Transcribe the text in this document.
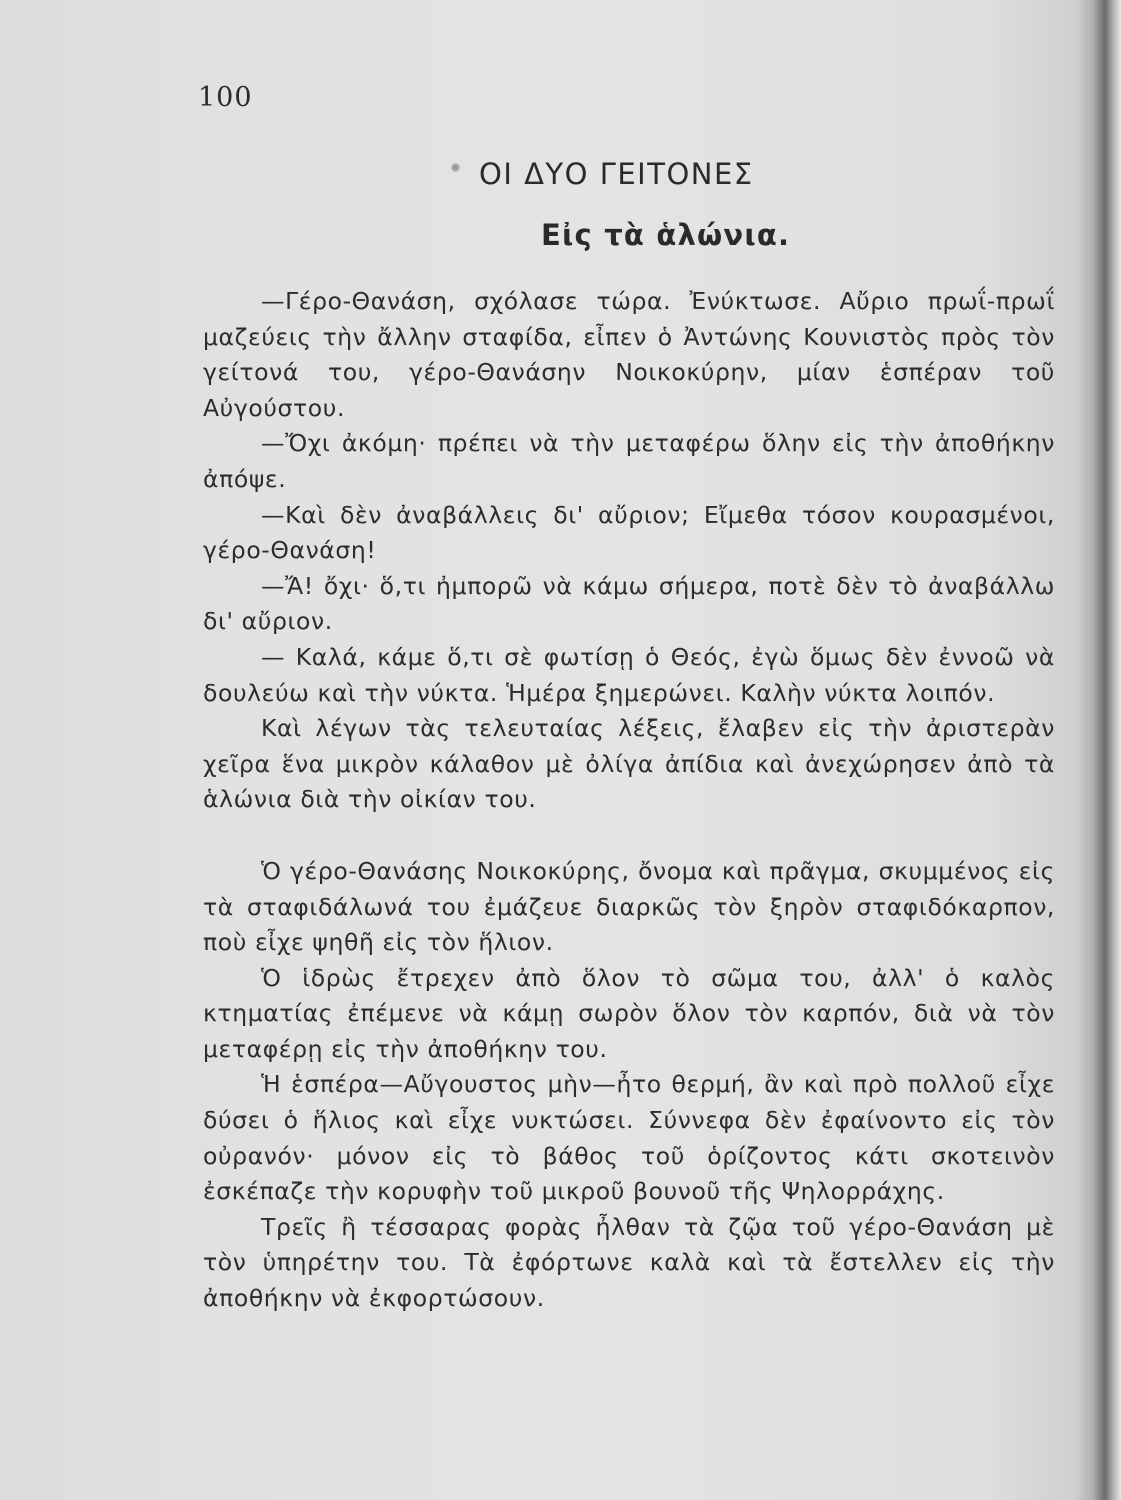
100
ΟΙ ΔΥΟ ΓΕΙΤΟΝΕΣ
Εἰς τὰ ἁλώνια.

—Γέρο-Θανάση, σχόλασε τώρα. Ἐνύκτωσε. Αὔριο πρωΐ-πρωΐ μαζεύεις τὴν ἄλλην σταφίδα, εἶπεν ὁ Ἀντώνης Κουνιστὸς πρὸς τὸν γείτονά του, γέρο-Θανάσην Νοικοκύρην, μίαν ἑσπέραν τοῦ Αὐγούστου.

—Ὄχι ἀκόμη· πρέπει νὰ τὴν μεταφέρω ὅλην εἰς τὴν ἀποθήκην ἀπόψε.

—Καὶ δὲν ἀναβάλλεις δι' αὔριον; Εἴμεθα τόσον κουρασμένοι, γέρο-Θανάση!

—Ἄ! ὄχι· ὅ,τι ἠμπορῶ νὰ κάμω σήμερα, ποτὲ δὲν τὸ ἀναβάλλω δι' αὔριον.

— Καλά, κάμε ὅ,τι σὲ φωτίσῃ ὁ Θεός, ἐγὼ ὅμως δὲν ἐννοῶ νὰ δουλεύω καὶ τὴν νύκτα. Ἡμέρα ξημερώνει. Καλὴν νύκτα λοιπόν.

Καὶ λέγων τὰς τελευταίας λέξεις, ἔλαβεν εἰς τὴν ἀριστερὰν χεῖρα ἕνα μικρὸν κάλαθον μὲ ὀλίγα ἀπίδια καὶ ἀνεχώρησεν ἀπὸ τὰ ἁλώνια διὰ τὴν οἰκίαν του.

Ὁ γέρο-Θανάσης Νοικοκύρης, ὄνομα καὶ πρᾶγμα, σκυμμένος εἰς τὰ σταφιδάλωνά του ἐμάζευε διαρκῶς τὸν ξηρὸν σταφιδόκαρπον, ποὺ εἶχε ψηθῆ εἰς τὸν ἥλιον.

Ὁ ἱδρὼς ἔτρεχεν ἀπὸ ὅλον τὸ σῶμα του, ἀλλ' ὁ καλὸς κτηματίας ἐπέμενε νὰ κάμῃ σωρὸν ὅλον τὸν καρπόν, διὰ νὰ τὸν μεταφέρῃ εἰς τὴν ἀποθήκην του.

Ἡ ἑσπέρα—Αὔγουστος μὴν—ἦτο θερμή, ἂν καὶ πρὸ πολλοῦ εἶχε δύσει ὁ ἥλιος καὶ εἶχε νυκτώσει. Σύννεφα δὲν ἐφαίνοντο εἰς τὸν οὐρανόν· μόνον εἰς τὸ βάθος τοῦ ὁρίζοντος κάτι σκοτεινὸν ἐσκέπαζε τὴν κορυφὴν τοῦ μικροῦ βουνοῦ τῆς Ψηλορράχης.

Τρεῖς ἢ τέσσαρας φορὰς ἦλθαν τὰ ζῷα τοῦ γέρο-Θανάση μὲ τὸν ὑπηρέτην του. Τὰ ἐφόρτωνε καλὰ καὶ τὰ ἔστελλεν εἰς τὴν ἀποθήκην νὰ ἐκφορτώσουν.
